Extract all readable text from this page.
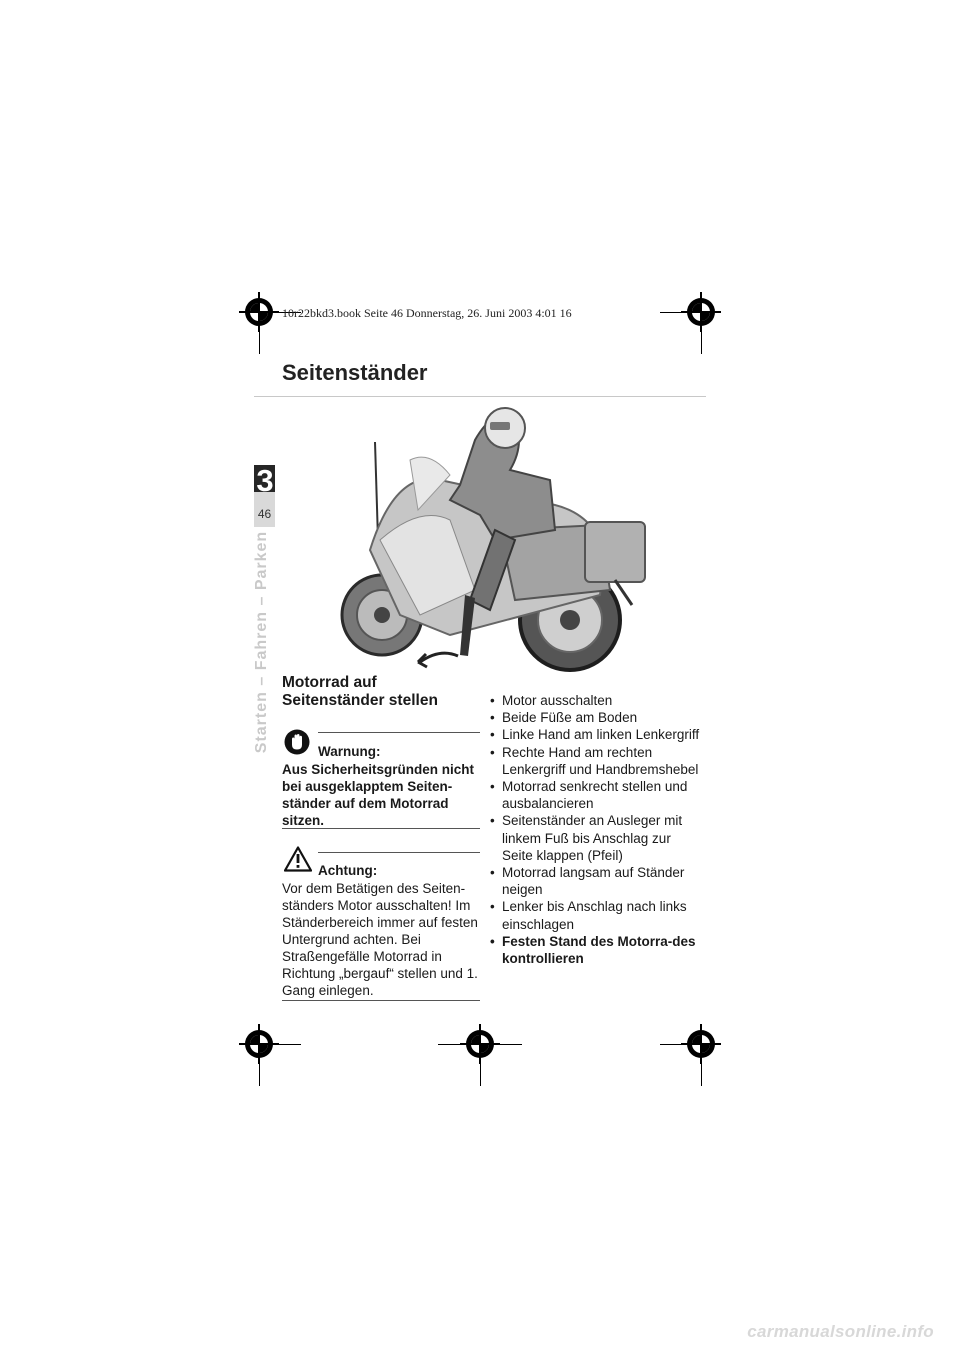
10r22bkd3.book Seite 46 Donnerstag, 26. Juni 2003 4:01 16
Seitenständer
3
46
Starten – Fahren – Parken Motorrad auf
Seitenständer stellen
Warnung:
Aus Sicherheitsgründen nicht bei ausgeklapptem Seiten-ständer auf dem Motorrad sitzen.
Achtung:
Vor dem Betätigen des Seiten-ständers Motor ausschalten! Im Ständerbereich immer auf festen Untergrund achten. Bei Straßengefälle Motorrad in Richtung „bergauf“ stellen und 1. Gang einlegen.
• Motor ausschalten
• Beide Füße am Boden
• Linke Hand am linken Lenkergriff
• Rechte Hand am rechten Lenkergriff und Handbremshebel
• Motorrad senkrecht stellen und ausbalancieren
• Seitenständer an Ausleger mit linkem Fuß bis Anschlag zur Seite klappen (Pfeil)
• Motorrad langsam auf Ständer neigen
• Lenker bis Anschlag nach links einschlagen
• Festen Stand des Motorra-des kontrollieren
carmanualsonline.info
